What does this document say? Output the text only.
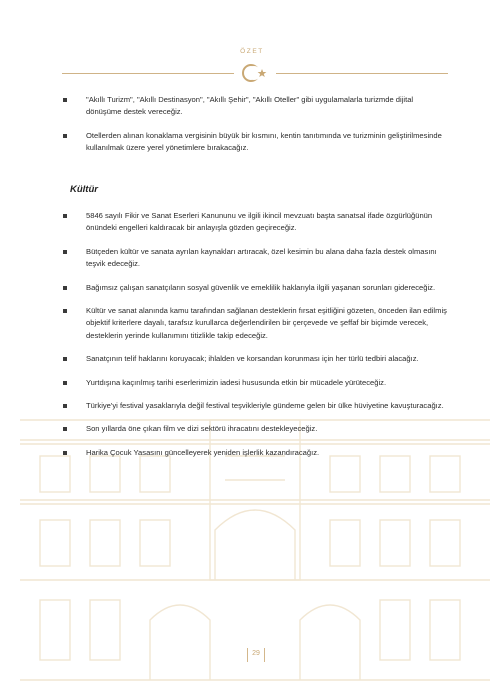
ÖZET
"Akıllı Turizm", "Akıllı Destinasyon", "Akıllı Şehir", "Akıllı Oteller" gibi uygulamalarla turizmde dijital dönüşüme destek vereceğiz.
Otellerden alınan konaklama vergisinin büyük bir kısmını, kentin tanıtımında ve turizminin geliştirilmesinde kullanılmak üzere yerel yönetimlere bırakacağız.
Kültür
5846 sayılı Fikir ve Sanat Eserleri Kanununu ve ilgili ikincil mevzuatı başta sanatsal ifade özgürlüğünün önündeki engelleri kaldıracak bir anlayışla gözden geçireceğiz.
Bütçeden kültür ve sanata ayrılan kaynakları artıracak, özel kesimin bu alana daha fazla destek olmasını teşvik edeceğiz.
Bağımsız çalışan sanatçıların sosyal güvenlik ve emeklilik haklarıyla ilgili yaşanan sorunları gidereceğiz.
Kültür ve sanat alanında kamu tarafından sağlanan desteklerin fırsat eşitliğini gözeten, önceden ilan edilmiş objektif kriterlere dayalı, tarafsız kurullarca değerlendirilen bir çerçevede ve şeffaf bir biçimde verecek, desteklerin yerinde kullanımını titizlikle takip edeceğiz.
Sanatçının telif haklarını koruyacak; ihlalden ve korsandan korunması için her türlü tedbiri alacağız.
Yurtdışına kaçırılmış tarihi eserlerimizin iadesi hususunda etkin bir mücadele yürüteceğiz.
Türkiye'yi festival yasaklarıyla değil festival teşvikleriyle gündeme gelen bir ülke hüviyetine kavuşturacağız.
Son yıllarda öne çıkan film ve dizi sektörü ihracatını destekleyeceğiz.
Harika Çocuk Yasasını güncelleyerek yeniden işlerlik kazandıracağız.
29
